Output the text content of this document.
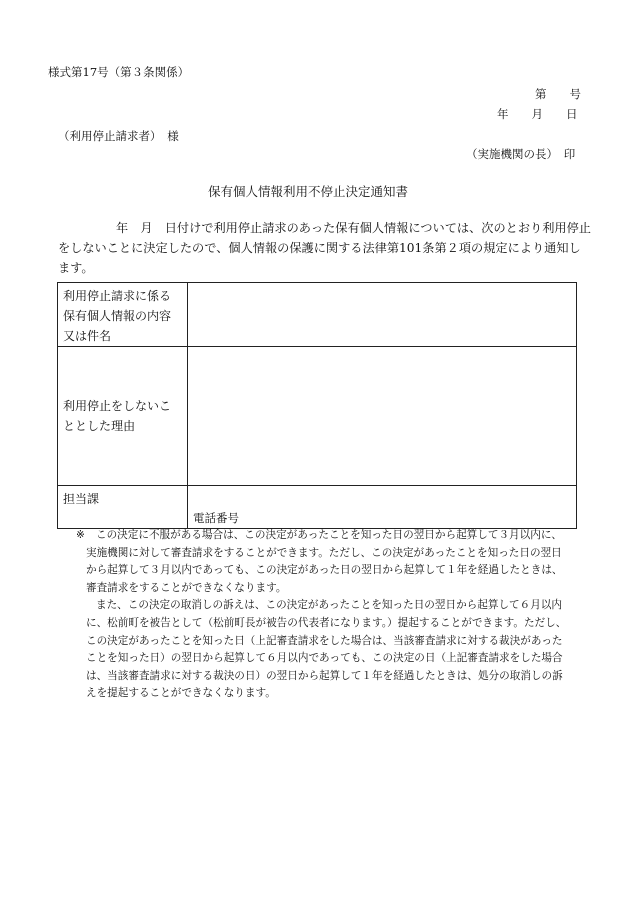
様式第17号（第３条関係）
第　　号
年　　月　　日
（利用停止請求者）　様
（実施機関の長）　印
保有個人情報利用不停止決定通知書
年　月　日付けで利用停止請求のあった保有個人情報については、次のとおり利用停止
をしないことに決定したので、個人情報の保護に関する法律第101条第２項の規定により通知し
ます。
利用停止請求に係る
保有個人情報の内容
又は件名	

利用停止をしないこ
ととした理由	

担当課	電話番号
※	この決定に不服がある場合は、この決定があったことを知った日の翌日から起算して３月以内に、
実施機関に対して審査請求をすることができます。ただし、この決定があったことを知った日の翌日
から起算して３月以内であっても、この決定があった日の翌日から起算して１年を経過したときは、
審査請求をすることができなくなります。
また、この決定の取消しの訴えは、この決定があったことを知った日の翌日から起算して６月以内
に、松前町を被告として（松前町長が被告の代表者になります。）提起することができます。ただし、
この決定があったことを知った日（上記審査請求をした場合は、当該審査請求に対する裁決があった
ことを知った日）の翌日から起算して６月以内であっても、この決定の日（上記審査請求をした場合
は、当該審査請求に対する裁決の日）の翌日から起算して１年を経過したときは、処分の取消しの訴
えを提起することができなくなります。
